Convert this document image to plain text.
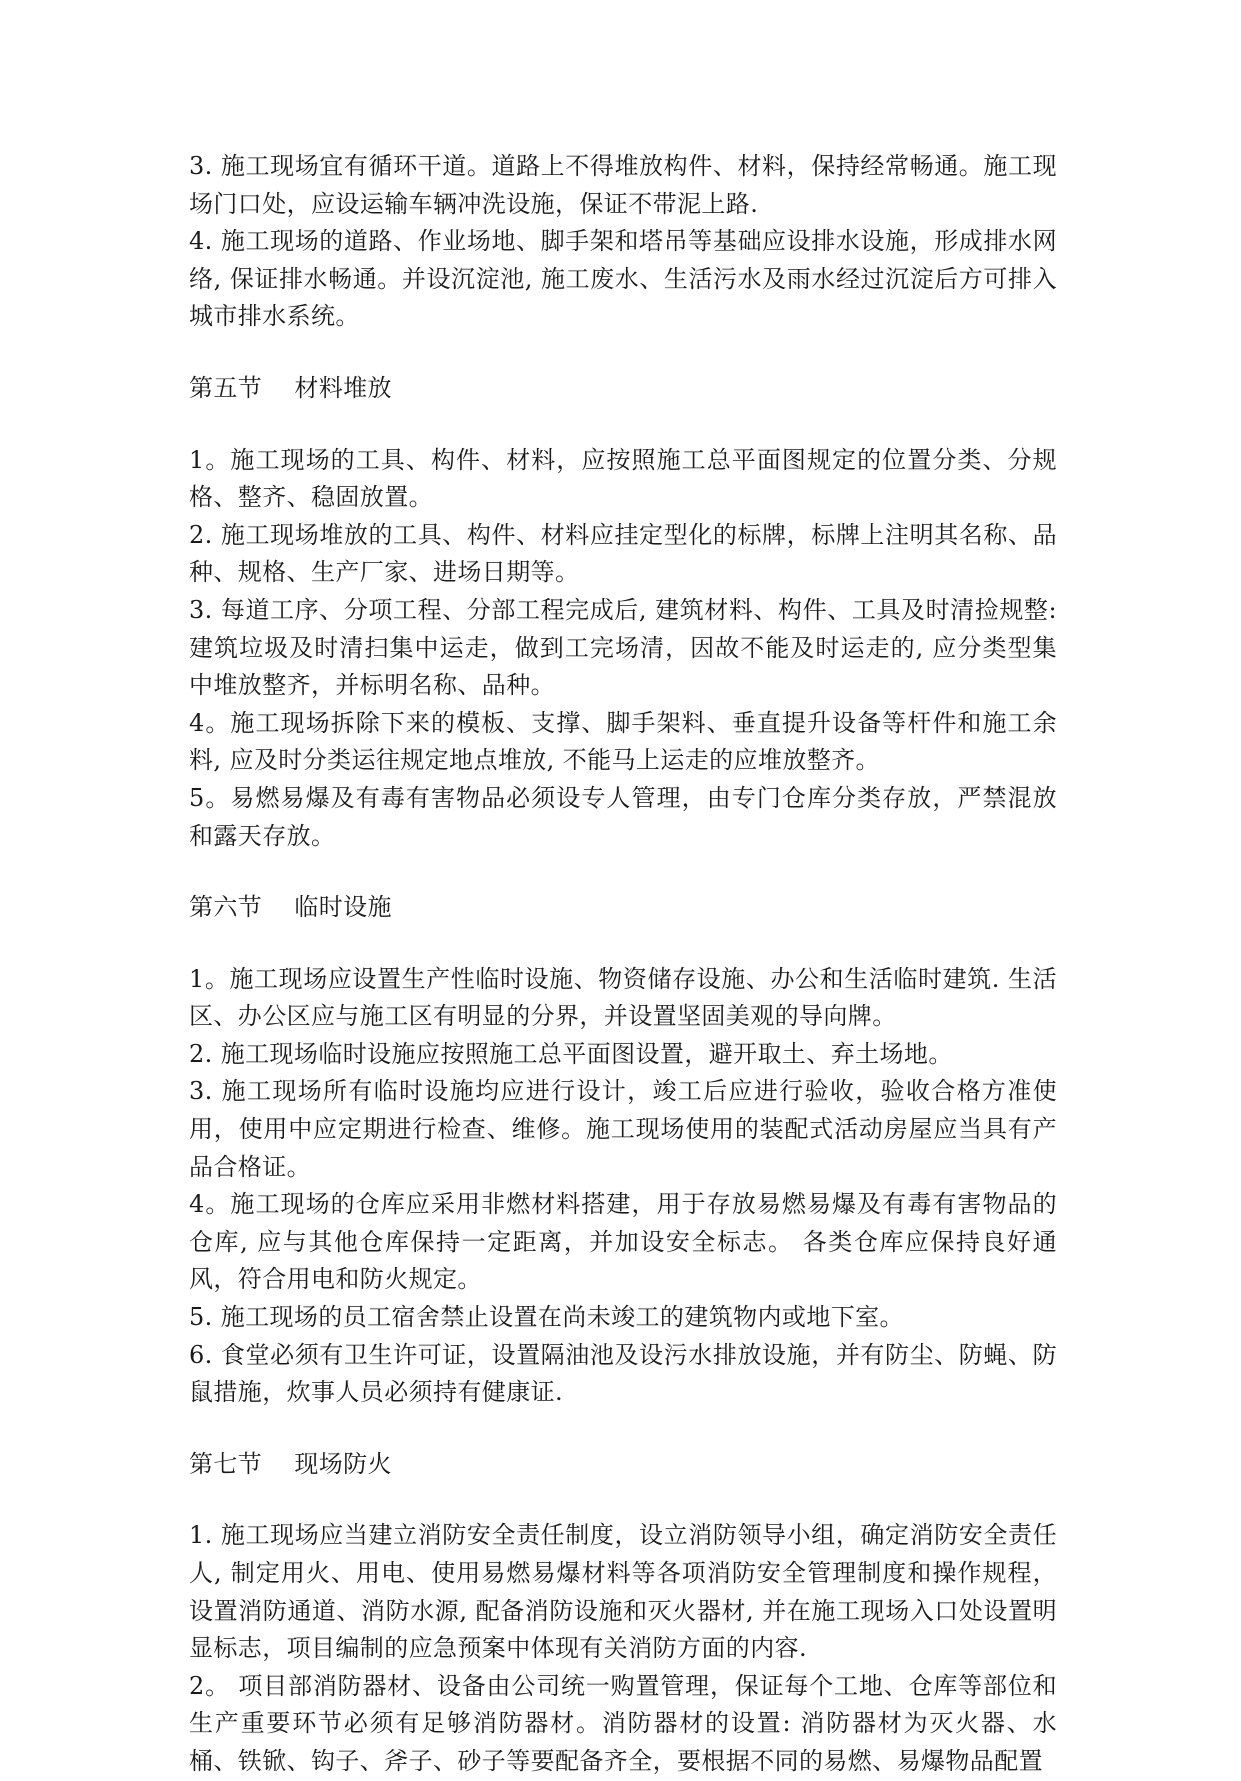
3. 施工现场宜有循环干道。道路上不得堆放构件、材料，保持经常畅通。施工现场门口处，应设运输车辆冲洗设施，保证不带泥上路.

4. 施工现场的道路、作业场地、脚手架和塔吊等基础应设排水设施，形成排水网络, 保证排水畅通。并设沉淀池, 施工废水、生活污水及雨水经过沉淀后方可排入城市排水系统。

第五节    材料堆放

1。施工现场的工具、构件、材料，应按照施工总平面图规定的位置分类、分规格、整齐、稳固放置。

2. 施工现场堆放的工具、构件、材料应挂定型化的标牌，标牌上注明其名称、品种、规格、生产厂家、进场日期等。

3. 每道工序、分项工程、分部工程完成后, 建筑材料、构件、工具及时清捡规整: 建筑垃圾及时清扫集中运走，做到工完场清，因故不能及时运走的, 应分类型集中堆放整齐，并标明名称、品种。

4。施工现场拆除下来的模板、支撑、脚手架料、垂直提升设备等杆件和施工余料, 应及时分类运往规定地点堆放, 不能马上运走的应堆放整齐。

5。易燃易爆及有毒有害物品必须设专人管理，由专门仓库分类存放，严禁混放和露天存放。

第六节    临时设施

1。施工现场应设置生产性临时设施、物资储存设施、办公和生活临时建筑. 生活区、办公区应与施工区有明显的分界，并设置坚固美观的导向牌。

2. 施工现场临时设施应按照施工总平面图设置，避开取土、弃土场地。

3. 施工现场所有临时设施均应进行设计，竣工后应进行验收，验收合格方准使用，使用中应定期进行检查、维修。施工现场使用的装配式活动房屋应当具有产品合格证。

4。施工现场的仓库应采用非燃材料搭建，用于存放易燃易爆及有毒有害物品的仓库, 应与其他仓库保持一定距离，并加设安全标志。 各类仓库应保持良好通风，符合用电和防火规定。

5. 施工现场的员工宿舍禁止设置在尚未竣工的建筑物内或地下室。

6. 食堂必须有卫生许可证，设置隔油池及设污水排放设施，并有防尘、防蝇、防鼠措施，炊事人员必须持有健康证.

第七节    现场防火

1. 施工现场应当建立消防安全责任制度，设立消防领导小组，确定消防安全责任人, 制定用火、用电、使用易燃易爆材料等各项消防安全管理制度和操作规程，设置消防通道、消防水源, 配备消防设施和灭火器材, 并在施工现场入口处设置明显标志，项目编制的应急预案中体现有关消防方面的内容.

2。 项目部消防器材、设备由公司统一购置管理，保证每个工地、仓库等部位和生产重要环节必须有足够消防器材。消防器材的设置: 消防器材为灭火器、水桶、铁锨、钩子、斧子、砂子等要配备齐全，要根据不同的易燃、易爆物品配置
